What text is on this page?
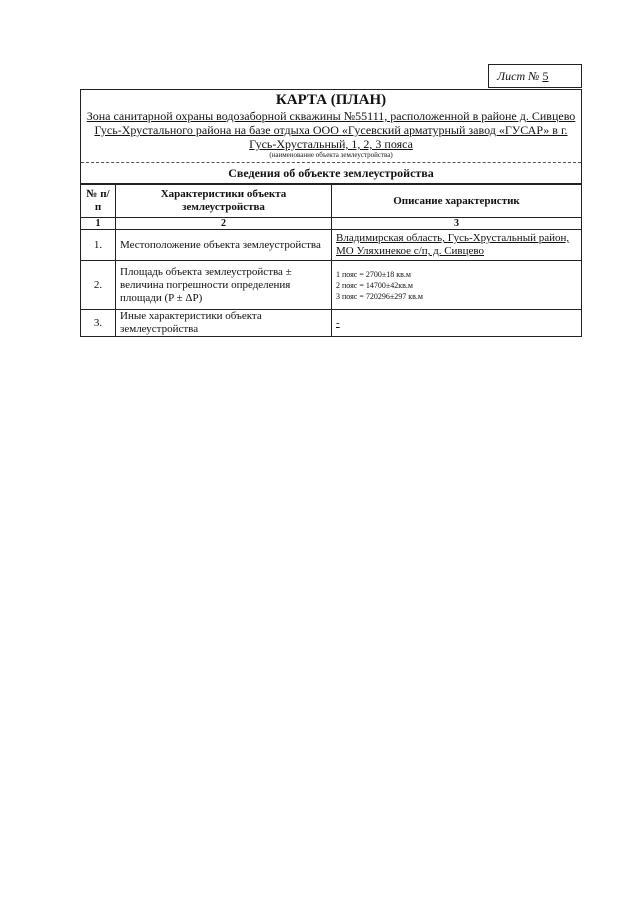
Лист № 5
КАРТА (ПЛАН)
Зона санитарной охраны водозаборной скважины №55111, расположенной в районе д. Сивцево Гусь-Хрустального района на базе отдыха ООО «Гусевский арматурный завод «ГУСАР» в г. Гусь-Хрустальный, 1, 2, 3 пояса
(наименование объекта землеустройства)
Сведения об объекте землеустройства
№ п/п	Характеристики объекта землеустройства	Описание характеристик
1	2	3
1.	Местоположение объекта землеустройства	Владимирская область, Гусь-Хрустальный район, МО Уляхинекое с/п, д. Сивцево
2.	Площадь объекта землеустройства ± величина погрешности определения площади (P ± ΔP)	1 пояс = 2700±18 кв.м
2 пояс = 14700±42кв.м
3 пояс = 720296±297 кв.м

3.	Иные характеристики объекта землеустройства	-
